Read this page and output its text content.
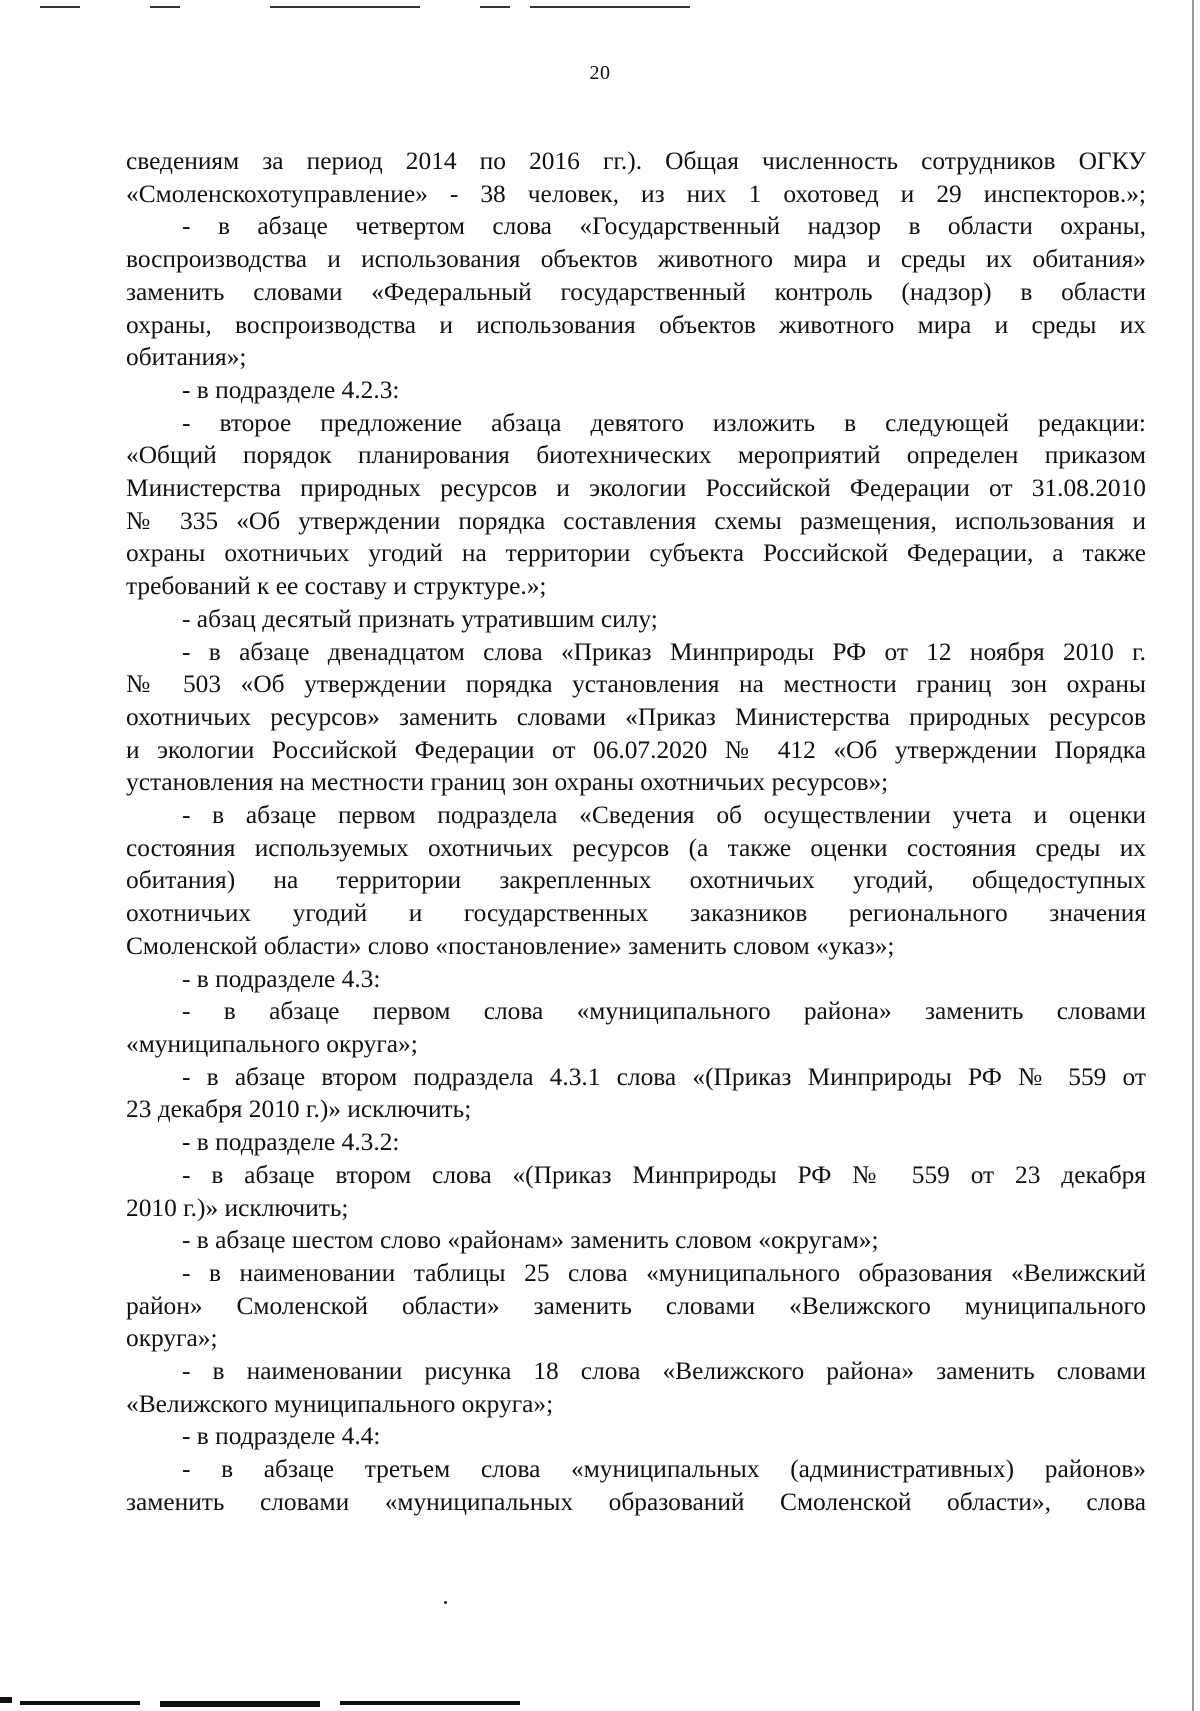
20
сведениям за период 2014 по 2016 гг.). Общая численность сотрудников ОГКУ
«Смоленскохотуправление» - 38 человек, из них 1 охотовед и 29 инспекторов.»;
- в абзаце четвертом слова «Государственный надзор в области охраны,
воспроизводства и использования объектов животного мира и среды их обитания»
заменить словами «Федеральный государственный контроль (надзор) в области
охраны, воспроизводства и использования объектов животного мира и среды их
обитания»;
- в подразделе 4.2.3:
- второе предложение абзаца девятого изложить в следующей редакции:
«Общий порядок планирования биотехнических мероприятий определен приказом
Министерства природных ресурсов и экологии Российской Федерации от 31.08.2010
№ 335 «Об утверждении порядка составления схемы размещения, использования и
охраны охотничьих угодий на территории субъекта Российской Федерации, а также
требований к ее составу и структуре.»;
- абзац десятый признать утратившим силу;
- в абзаце двенадцатом слова «Приказ Минприроды РФ от 12 ноября 2010 г.
№ 503 «Об утверждении порядка установления на местности границ зон охраны
охотничьих ресурсов» заменить словами «Приказ Министерства природных ресурсов
и экологии Российской Федерации от 06.07.2020 № 412 «Об утверждении Порядка
установления на местности границ зон охраны охотничьих ресурсов»;
- в абзаце первом подраздела «Сведения об осуществлении учета и оценки
состояния используемых охотничьих ресурсов (а также оценки состояния среды их
обитания) на территории закрепленных охотничьих угодий, общедоступных
охотничьих угодий и государственных заказников регионального значения
Смоленской области» слово «постановление» заменить словом «указ»;
- в подразделе 4.3:
- в абзаце первом слова «муниципального района» заменить словами
«муниципального округа»;
- в абзаце втором подраздела 4.3.1 слова «(Приказ Минприроды РФ № 559 от
23 декабря 2010 г.)» исключить;
- в подразделе 4.3.2:
- в абзаце втором слова «(Приказ Минприроды РФ № 559 от 23 декабря
2010 г.)» исключить;
- в абзаце шестом слово «районам» заменить словом «округам»;
- в наименовании таблицы 25 слова «муниципального образования «Велижский
район» Смоленской области» заменить словами «Велижского муниципального
округа»;
- в наименовании рисунка 18 слова «Велижского района» заменить словами
«Велижского муниципального округа»;
- в подразделе 4.4:
- в абзаце третьем слова «муниципальных (административных) районов»
заменить словами «муниципальных образований Смоленской области», слова
